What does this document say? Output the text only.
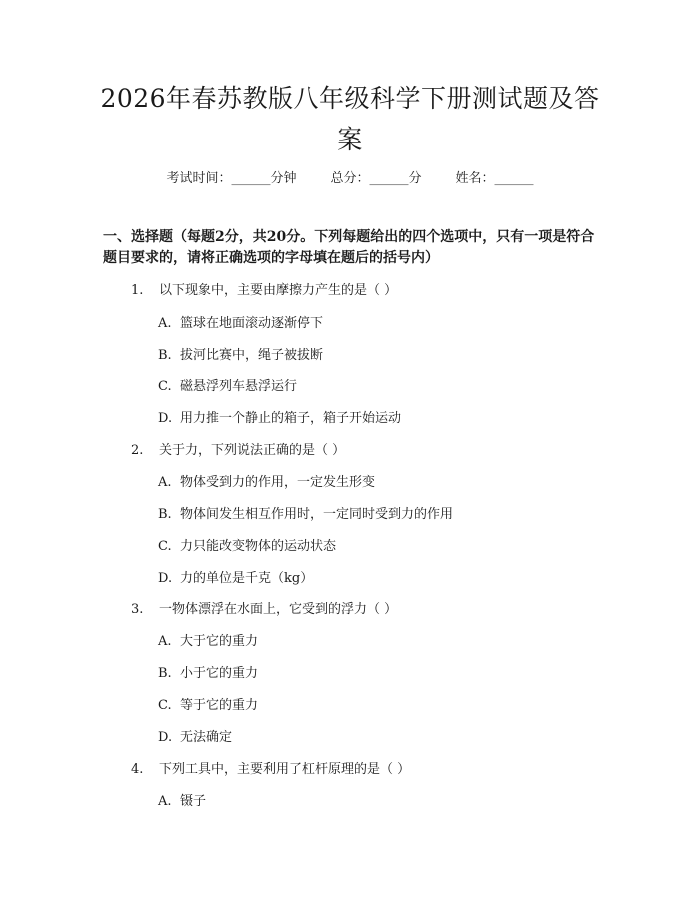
2026年春苏教版八年级科学下册测试题及答案
考试时间：______分钟	总分：______分	姓名：______
一、选择题（每题2分，共20分。下列每题给出的四个选项中，只有一项是符合题目要求的，请将正确选项的字母填在题后的括号内）
1. 以下现象中，主要由摩擦力产生的是（ ）
A. 篮球在地面滚动逐渐停下
B. 拔河比赛中，绳子被拔断
C. 磁悬浮列车悬浮运行
D. 用力推一个静止的箱子，箱子开始运动
2. 关于力，下列说法正确的是（ ）
A. 物体受到力的作用，一定发生形变
B. 物体间发生相互作用时，一定同时受到力的作用
C. 力只能改变物体的运动状态
D. 力的单位是千克（kg）
3. 一物体漂浮在水面上，它受到的浮力（ ）
A. 大于它的重力
B. 小于它的重力
C. 等于它的重力
D. 无法确定
4. 下列工具中，主要利用了杠杆原理的是（ ）
A. 镊子
